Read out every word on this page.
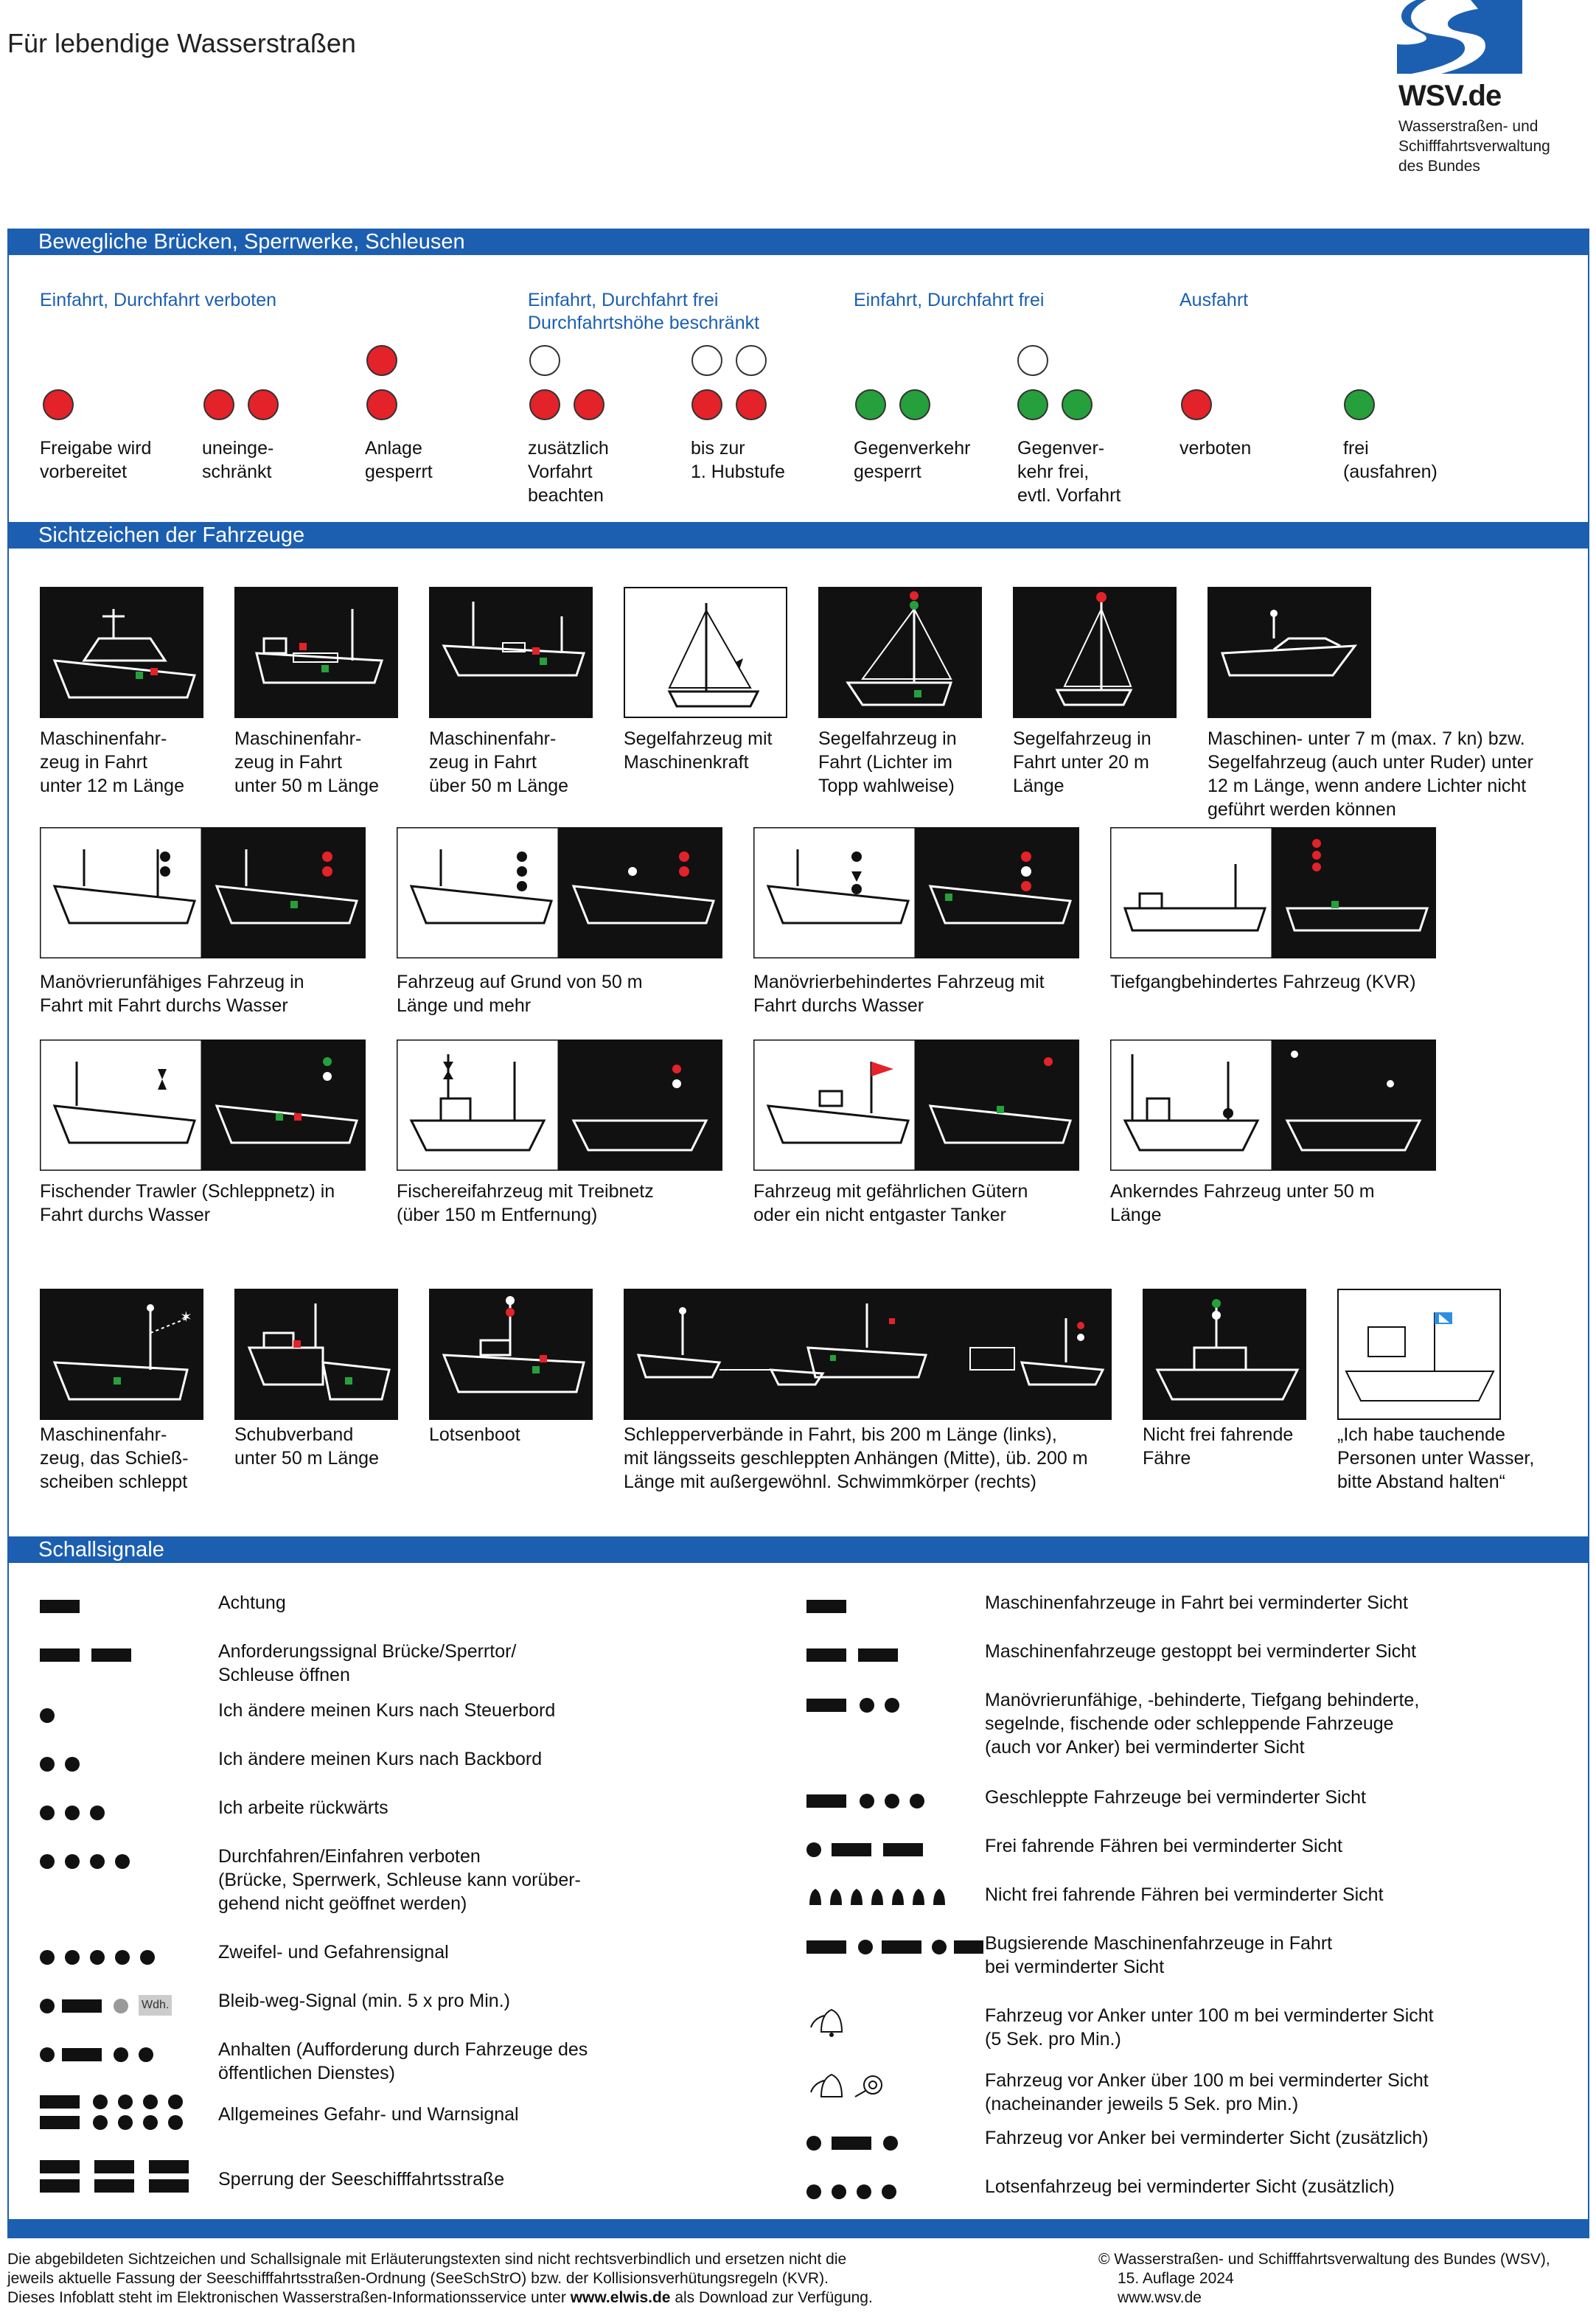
Für lebendige Wasserstraßen
WSV.de
Wasserstraßen- und
Schifffahrtsverwaltung
des Bundes
Bewegliche Brücken, Sperrwerke, Schleusen
Sichtzeichen der Fahrzeuge
Schallsignale
Einfahrt, Durchfahrt verboten	Einfahrt, Durchfahrt frei
Durchfahrtshöhe beschränkt
Einfahrt, Durchfahrt frei	Ausfahrt
Freigabe wird
vorbereitet
uneinge-
schränkt
Anlage
gesperrt
zusätzlich
Vorfahrt
beachten
bis zur
1. Hubstufe
Gegenverkehr
gesperrt
Gegenver-
kehr frei,
evtl. Vorfahrt
verboten	frei
(ausfahren)
Maschinenfahr-
zeug in Fahrt
unter 12 m Länge
Maschinenfahr-
zeug in Fahrt
unter 50 m Länge
Maschinenfahr-
zeug in Fahrt
über 50 m Länge
Segelfahrzeug mit
Maschinenkraft
Segelfahrzeug in
Fahrt (Lichter im
Topp wahlweise)
Segelfahrzeug in
Fahrt unter 20 m
Länge
Maschinen- unter 7 m (max. 7 kn) bzw.
Segelfahrzeug (auch unter Ruder) unter
12 m Länge, wenn andere Lichter nicht
geführt werden können
Manövrierunfähiges Fahrzeug in
Fahrt mit Fahrt durchs Wasser
Fahrzeug auf Grund von 50 m
Länge und mehr
Manövrierbehindertes Fahrzeug mit
Fahrt durchs Wasser
Tiefgangbehindertes Fahrzeug (KVR)
Fischender Trawler (Schleppnetz) in
Fahrt durchs Wasser
Fischereifahrzeug mit Treibnetz
(über 150 m Entfernung)
Fahrzeug mit gefährlichen Gütern
oder ein nicht entgaster Tanker
Ankerndes Fahrzeug unter 50 m
Länge
✶
Maschinenfahr-
zeug, das Schieß-
scheiben schleppt
Schubverband
unter 50 m Länge
Lotsenboot	Schlepperverbände in Fahrt, bis 200 m Länge (links),
mit längsseits geschleppten Anhängen (Mitte), üb. 200 m
Länge mit außergewöhnl. Schwimmkörper (rechts)
Nicht frei fahrende
Fähre
„Ich habe tauchende
Personen unter Wasser,
bitte Abstand halten“
Achtung
Anforderungssignal Brücke/Sperrtor/
Schleuse öffnen
Ich ändere meinen Kurs nach Steuerbord
Ich ändere meinen Kurs nach Backbord
Ich arbeite rückwärts
Durchfahren/Einfahren verboten
(Brücke, Sperrwerk, Schleuse kann vorüber-
gehend nicht geöffnet werden)
Zweifel- und Gefahrensignal
Wdh.	Bleib-weg-Signal (min. 5 x pro Min.)
Anhalten (Aufforderung durch Fahrzeuge des
öffentlichen Dienstes)
Allgemeines Gefahr- und Warnsignal
Sperrung der Seeschifffahrtsstraße
Maschinenfahrzeuge in Fahrt bei verminderter Sicht
Maschinenfahrzeuge gestoppt bei verminderter Sicht
Manövrierunfähige, -behinderte, Tiefgang behinderte,
segelnde, fischende oder schleppende Fahrzeuge
(auch vor Anker) bei verminderter Sicht
Geschleppte Fahrzeuge bei verminderter Sicht
Frei fahrende Fähren bei verminderter Sicht
Nicht frei fahrende Fähren bei verminderter Sicht
Bugsierende Maschinenfahrzeuge in Fahrt
bei verminderter Sicht
Fahrzeug vor Anker unter 100 m bei verminderter Sicht
(5 Sek. pro Min.)
Fahrzeug vor Anker über 100 m bei verminderter Sicht
(nacheinander jeweils 5 Sek. pro Min.)
Fahrzeug vor Anker bei verminderter Sicht (zusätzlich)
Lotsenfahrzeug bei verminderter Sicht (zusätzlich)
Die abgebildeten Sichtzeichen und Schallsignale mit Erläuterungstexten sind nicht rechtsverbindlich und ersetzen nicht die
jeweils aktuelle Fassung der Seeschifffahrtsstraßen-Ordnung (SeeSchStrO) bzw. der Kollisionsverhütungsregeln (KVR).
Dieses Infoblatt steht im Elektronischen Wasserstraßen-Informationsservice unter www.elwis.de als Download zur Verfügung.
© Wasserstraßen- und Schifffahrtsverwaltung des Bundes (WSV),
15. Auflage 2024
www.wsv.de
